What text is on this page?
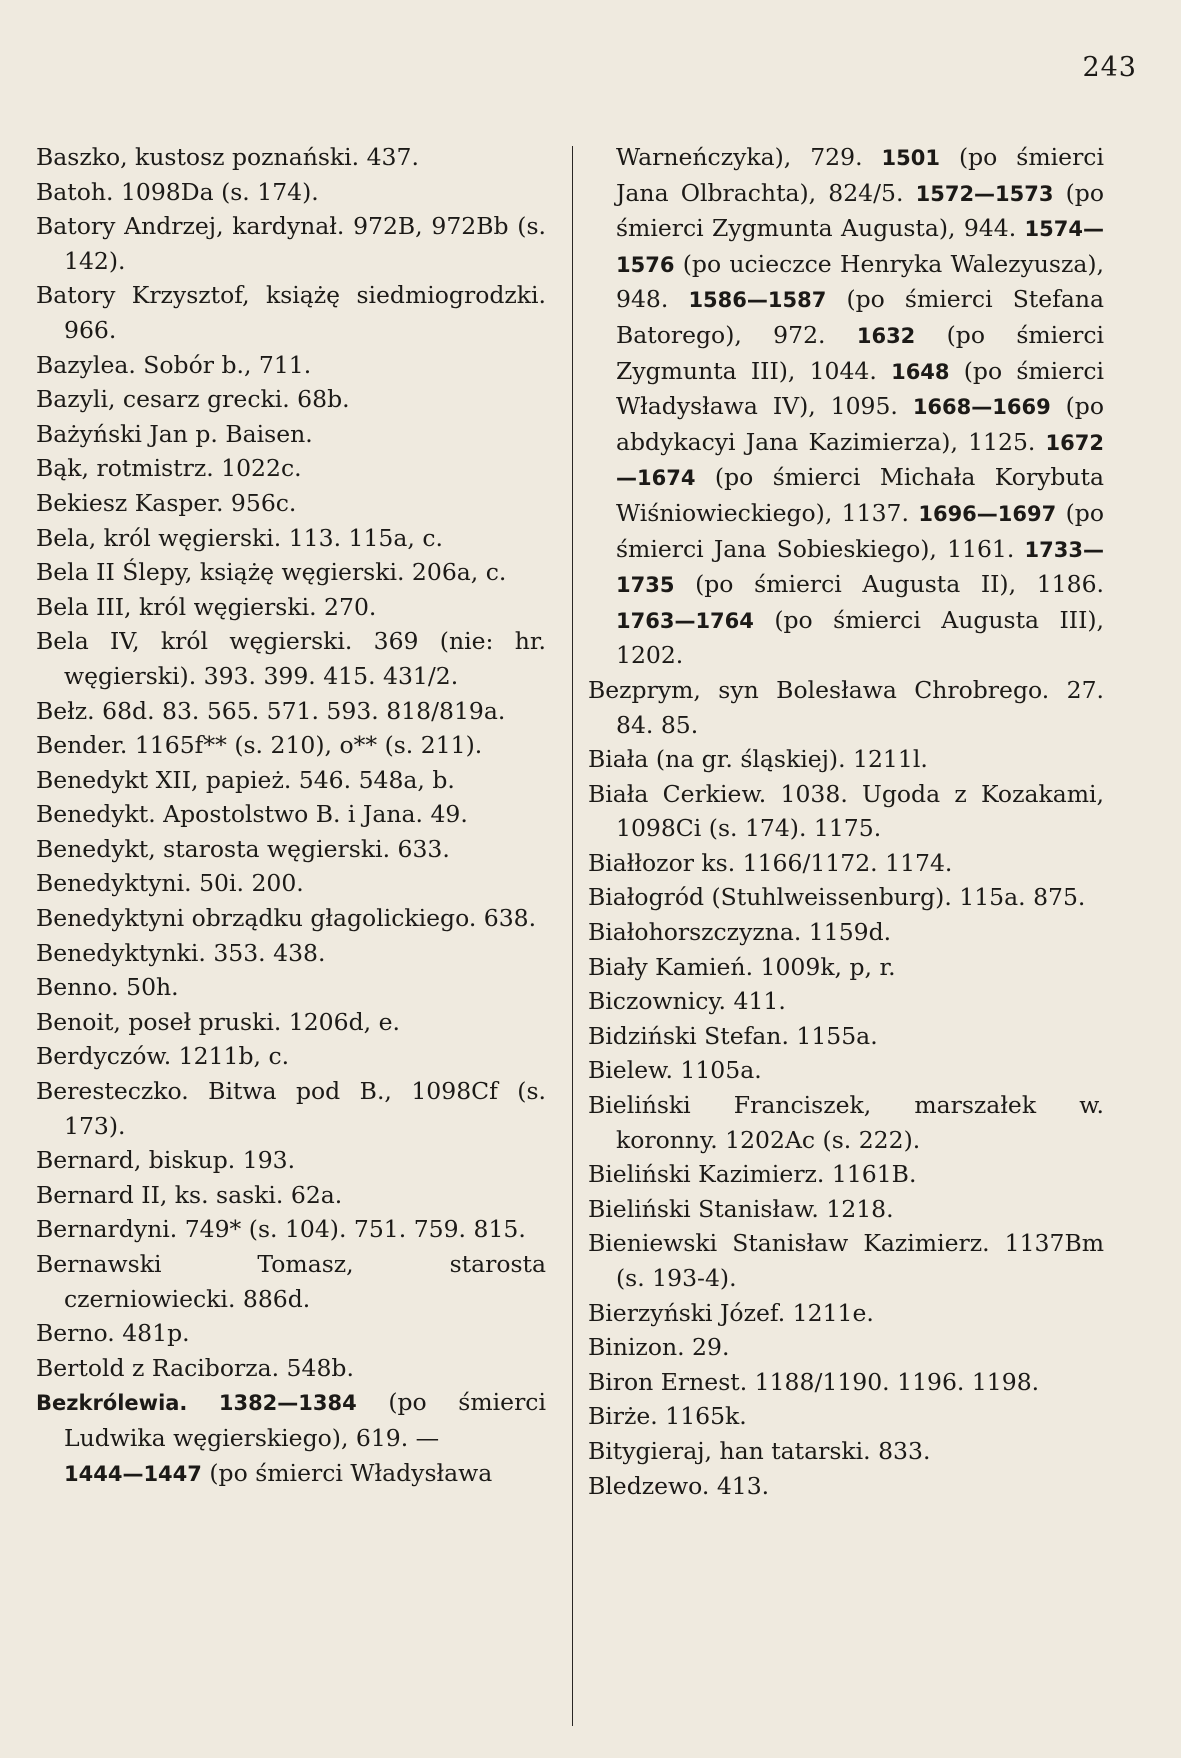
243
Baszko, kustosz poznański. 437.
Batoh. 1098Da (s. 174).
Batory Andrzej, kardynał. 972B, 972Bb (s. 142).
Batory Krzysztof, książę siedmiogrodzki. 966.
Bazylea. Sobór b., 711.
Bazyli, cesarz grecki. 68b.
Bażyński Jan p. Baisen.
Bąk, rotmistrz. 1022c.
Bekiesz Kasper. 956c.
Bela, król węgierski. 113. 115a, c.
Bela II Ślepy, książę węgierski. 206a, c.
Bela III, król węgierski. 270.
Bela IV, król węgierski. 369 (nie: hr. węgierski). 393. 399. 415. 431/2.
Bełz. 68d. 83. 565. 571. 593. 818/819a.
Bender. 1165f** (s. 210), o** (s. 211).
Benedykt XII, papież. 546. 548a, b.
Benedykt. Apostolstwo B. i Jana. 49.
Benedykt, starosta węgierski. 633.
Benedyktyni. 50i. 200.
Benedyktyni obrządku głagolickiego. 638.
Benedyktynki. 353. 438.
Benno. 50h.
Benoit, poseł pruski. 1206d, e.
Berdyczów. 1211b, c.
Beresteczko. Bitwa pod B., 1098Cf (s. 173).
Bernard, biskup. 193.
Bernard II, ks. saski. 62a.
Bernardyni. 749* (s. 104). 751. 759. 815.
Bernawski Tomasz, starosta czerniowiecki. 886d.
Berno. 481p.
Bertold z Raciborza. 548b.
Bezkrólewia. 1382—1384 (po śmierci Ludwika węgierskiego), 619. —
1444—1447 (po śmierci Władysława
Warneńczyka), 729. 1501 (po śmierci Jana Olbrachta), 824/5. 1572—1573 (po śmierci Zygmunta Augusta), 944. 1574—1576 (po ucieczce Henryka Walezyusza), 948. 1586—1587 (po śmierci Stefana Batorego), 972. 1632 (po śmierci Zygmunta III), 1044. 1648 (po śmierci Władysława IV), 1095. 1668—1669 (po abdykacyi Jana Kazimierza), 1125. 1672—1674 (po śmierci Michała Korybuta Wiśniowieckiego), 1137. 1696—1697 (po śmierci Jana Sobieskiego), 1161. 1733—1735 (po śmierci Augusta II), 1186. 1763—1764 (po śmierci Augusta III), 1202.
Bezprym, syn Bolesława Chrobrego. 27. 84. 85.
Biała (na gr. śląskiej). 1211l.
Biała Cerkiew. 1038. Ugoda z Kozakami, 1098Ci (s. 174). 1175.
Białłozor ks. 1166/1172. 1174.
Białogród (Stuhlweissenburg). 115a. 875.
Białohorszczyzna. 1159d.
Biały Kamień. 1009k, p, r.
Biczownicy. 411.
Bidziński Stefan. 1155a.
Bielew. 1105a.
Bieliński Franciszek, marszałek w. koronny. 1202Ac (s. 222).
Bieliński Kazimierz. 1161B.
Bieliński Stanisław. 1218.
Bieniewski Stanisław Kazimierz. 1137Bm (s. 193-4).
Bierzyński Józef. 1211e.
Binizon. 29.
Biron Ernest. 1188/1190. 1196. 1198.
Birże. 1165k.
Bitygieraj, han tatarski. 833.
Bledzewo. 413.
